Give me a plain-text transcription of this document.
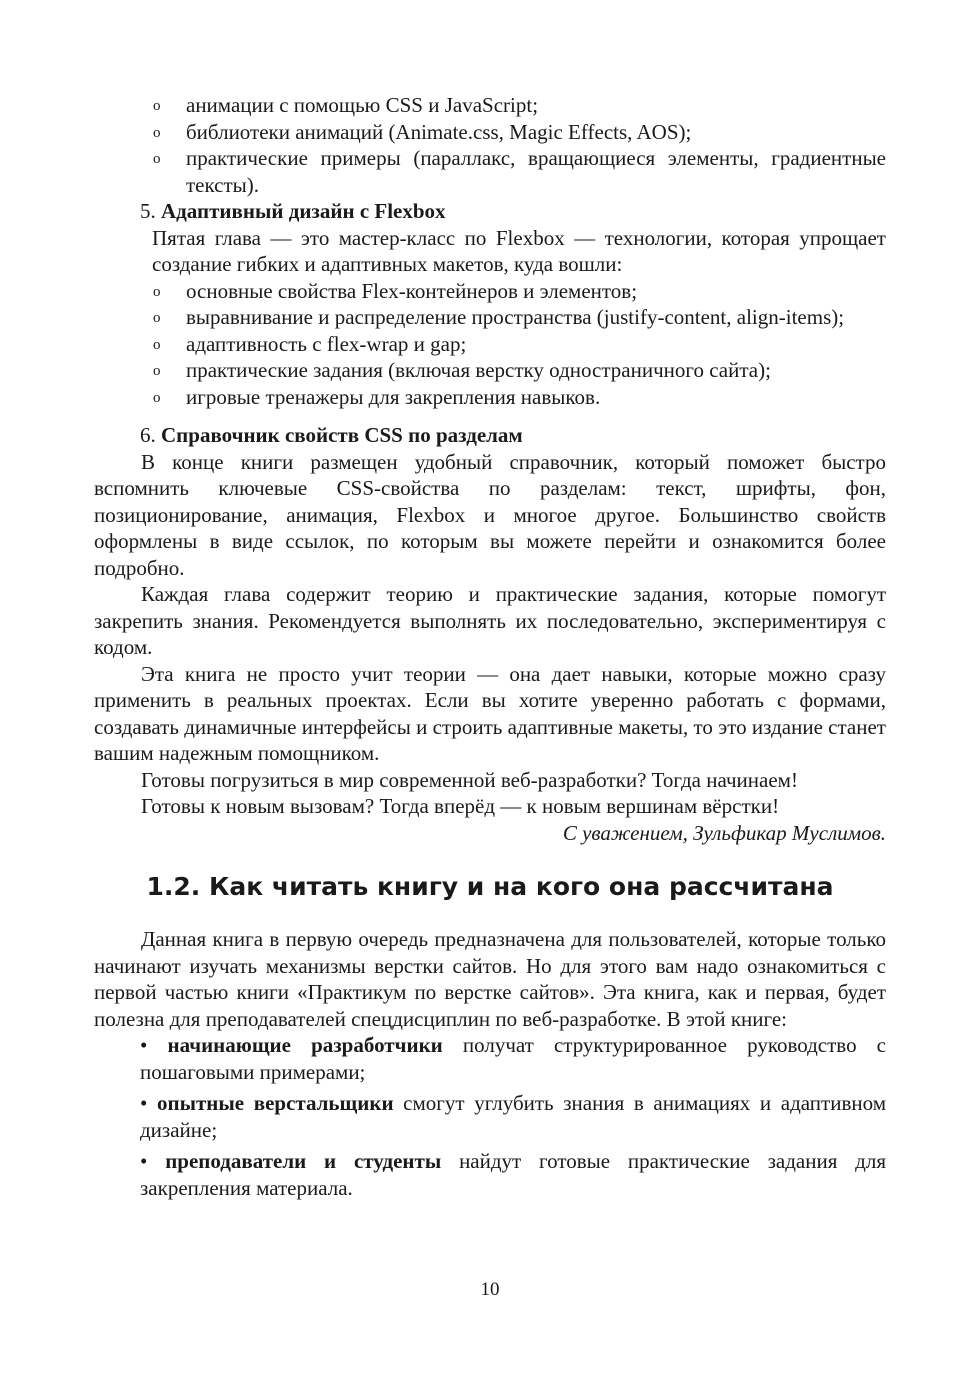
o анимации с помощью CSS и JavaScript;
o библиотеки анимаций (Animate.css, Magic Effects, AOS);
o практические примеры (параллакс, вращающиеся элементы, градиентные тексты).

5. Адаптивный дизайн с Flexbox

Пятая глава — это мастер-класс по Flexbox — технологии, которая упрощает создание гибких и адаптивных макетов, куда вошли:

o основные свойства Flex-контейнеров и элементов;
o выравнивание и распределение пространства (justify-content, align-items);
o адаптивность с flex-wrap и gap;
o практические задания (включая верстку одностраничного сайта);
o игровые тренажеры для закрепления навыков.

6. Справочник свойств CSS по разделам

В конце книги размещен удобный справочник, который поможет быстро вспомнить ключевые CSS-свойства по разделам: текст, шрифты, фон, позиционирование, анимация, Flexbox и многое другое. Большинство свойств оформлены в виде ссылок, по которым вы можете перейти и ознакомится более подробно.

Каждая глава содержит теорию и практические задания, которые помогут закрепить знания. Рекомендуется выполнять их последовательно, экспериментируя с кодом.

Эта книга не просто учит теории — она дает навыки, которые можно сразу применить в реальных проектах. Если вы хотите уверенно работать с формами, создавать динамичные интерфейсы и строить адаптивные макеты, то это издание станет вашим надежным помощником.

Готовы погрузиться в мир современной веб-разработки? Тогда начинаем!

Готовы к новым вызовам? Тогда вперёд — к новым вершинам вёрстки!

С уважением, Зульфикар Муслимов.

1.2. Как читать книгу и на кого она рассчитана

Данная книга в первую очередь предназначена для пользователей, которые только начинают изучать механизмы верстки сайтов. Но для этого вам надо ознакомиться с первой частью книги «Практикум по верстке сайтов». Эта книга, как и первая, будет полезна для преподавателей спецдисциплин по веб-разработке. В этой книге:

• начинающие разработчики получат структурированное руководство с пошаговыми примерами;

• опытные верстальщики смогут углубить знания в анимациях и адаптивном дизайне;

• преподаватели и студенты найдут готовые практические задания для закрепления материала.

10
